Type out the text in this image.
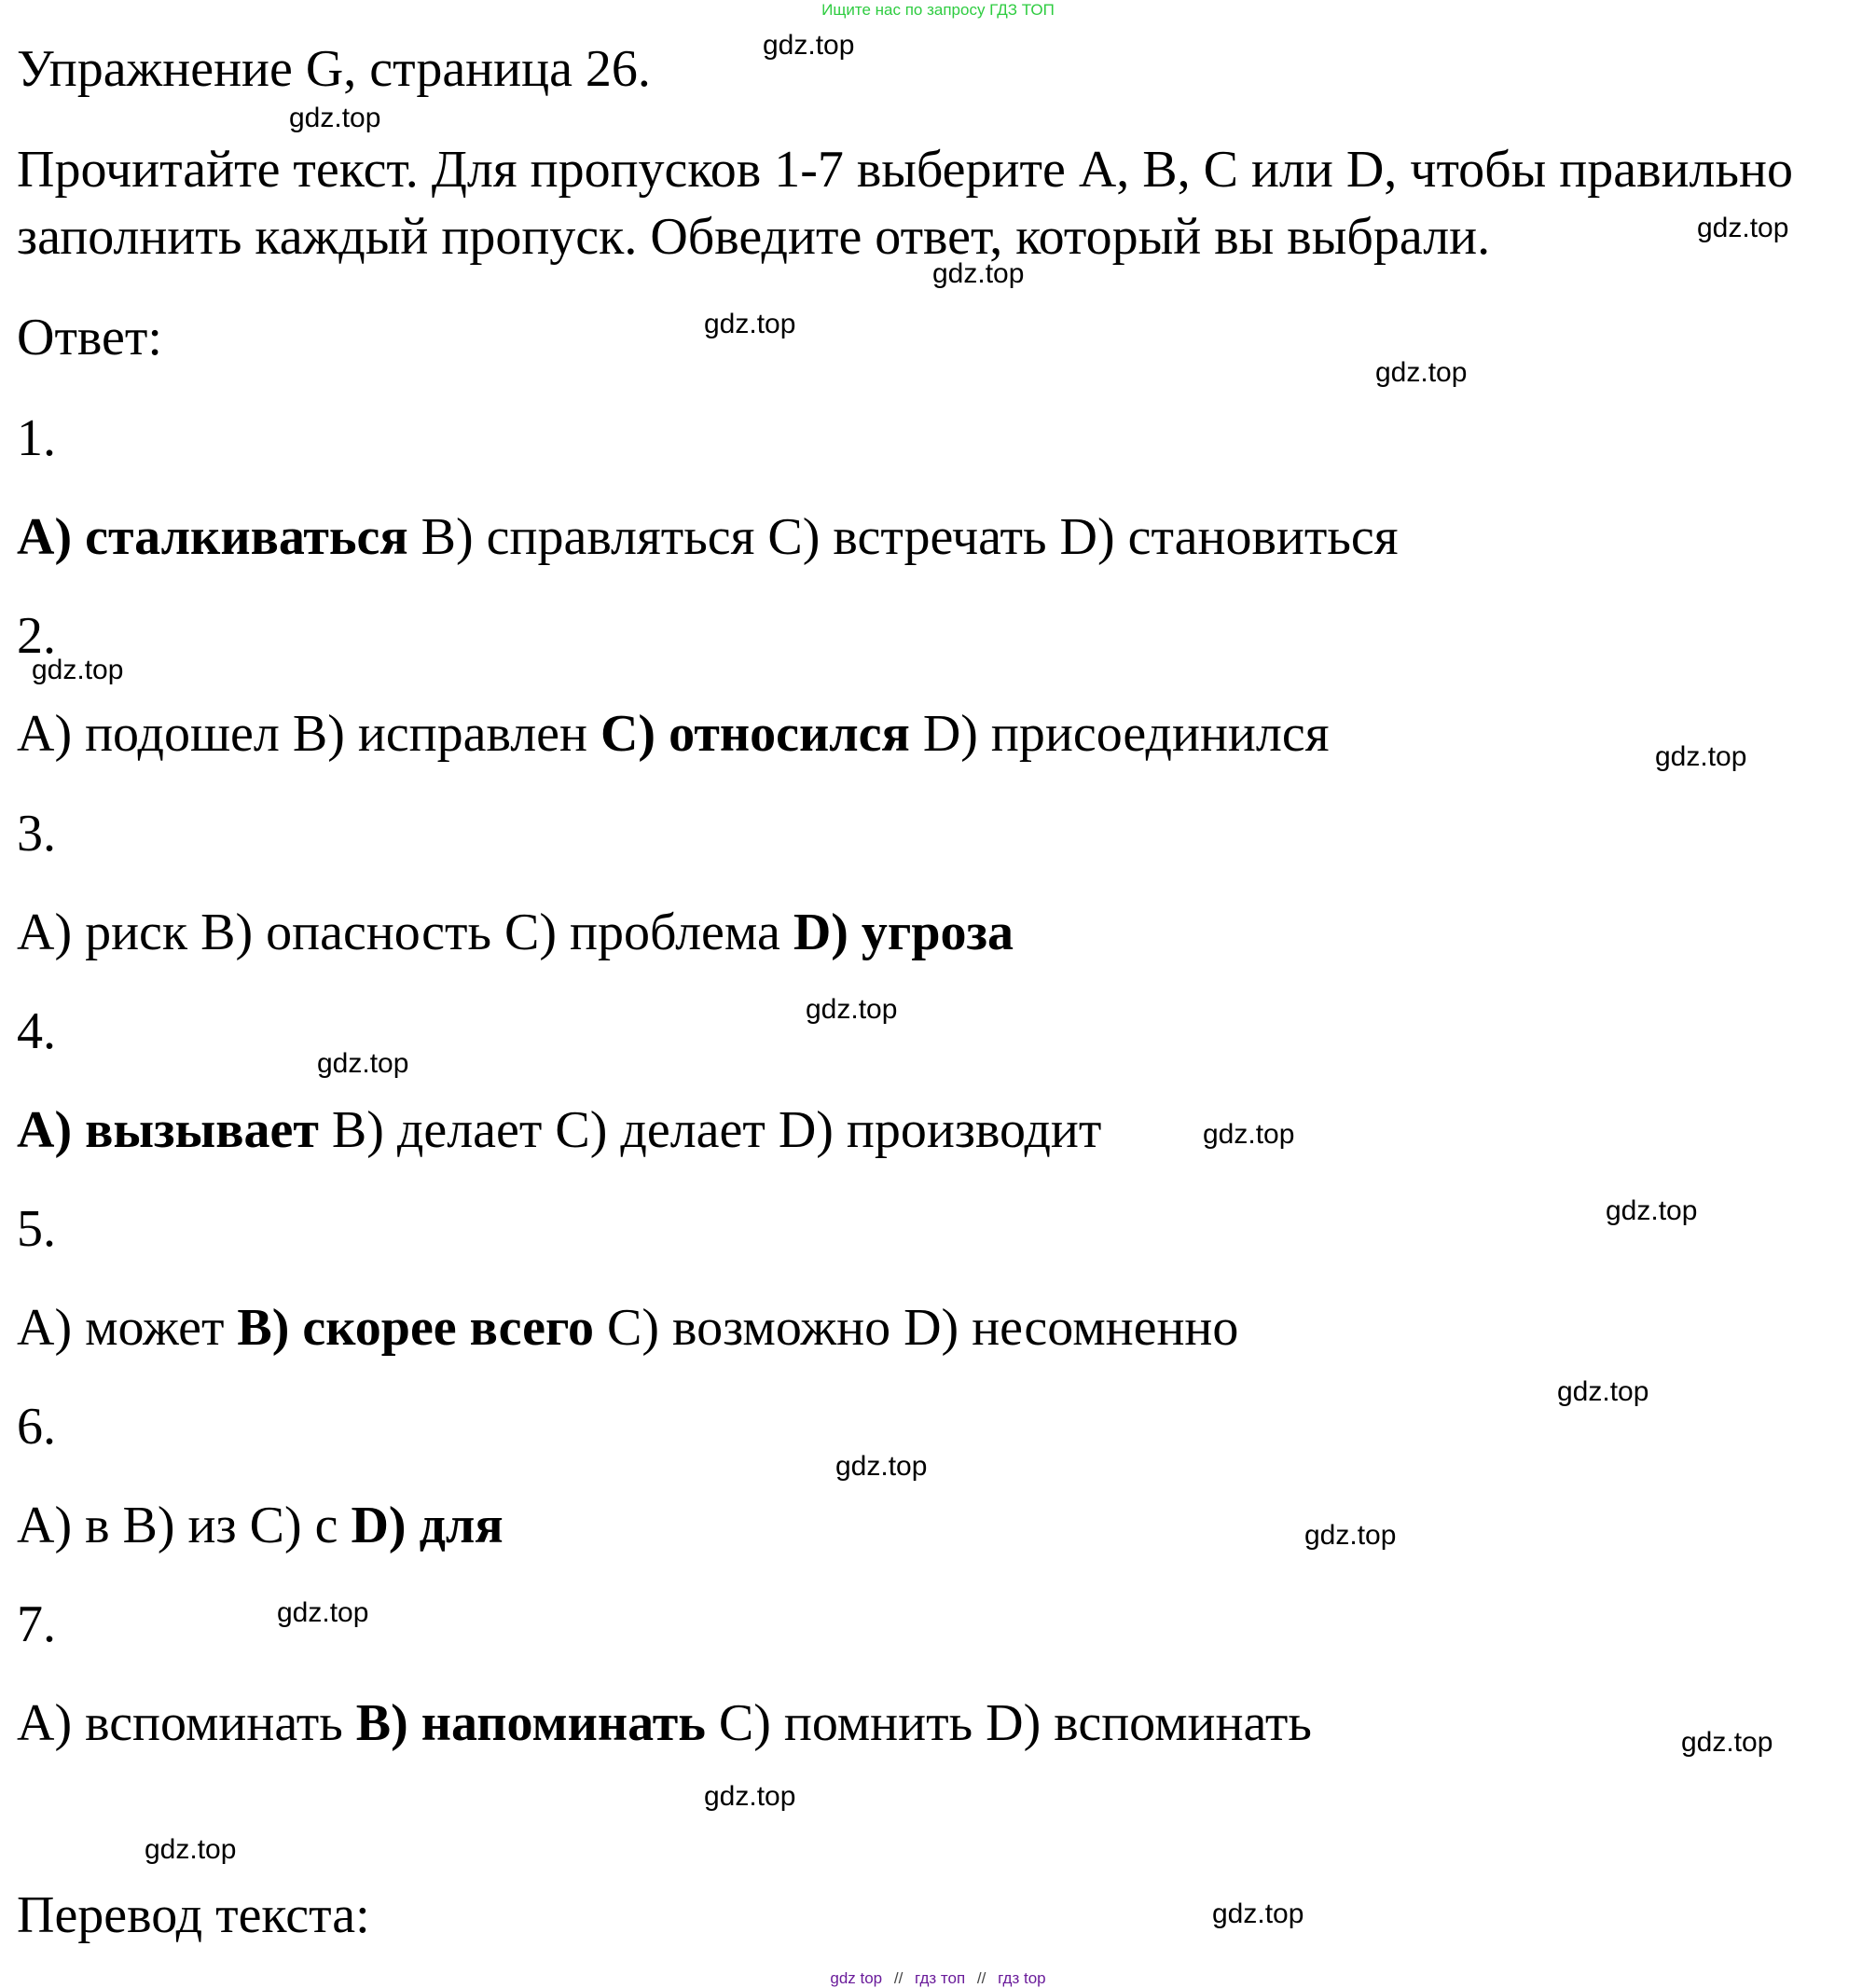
Ищите нас по запросу ГДЗ ТОП
Упражнение G, страница 26.
Прочитайте текст. Для пропусков 1-7 выберите A, B, C или D, чтобы правильно
заполнить каждый пропуск. Обведите ответ, который вы выбрали.
Ответ:
1.
A) сталкиваться B) справляться C) встречать D) становиться
2.
A) подошел B) исправлен C) относился D) присоединился
3.
A) риск B) опасность C) проблема D) угроза
4.
A) вызывает B) делает C) делает D) производит
5.
A) может B) скорее всего C) возможно D) несомненно
6.
A) в B) из C) с D) для
7.
A) вспоминать B) напоминать C) помнить D) вспоминать
Перевод текста:
gdz.top
gdz.top
gdz.top
gdz.top
gdz.top
gdz.top
gdz.top
gdz.top
gdz.top
gdz.top
gdz.top
gdz.top
gdz.top
gdz.top
gdz.top
gdz.top
gdz.top
gdz.top
gdz.top
gdz.top
gdz top // гдз топ // гдз top
